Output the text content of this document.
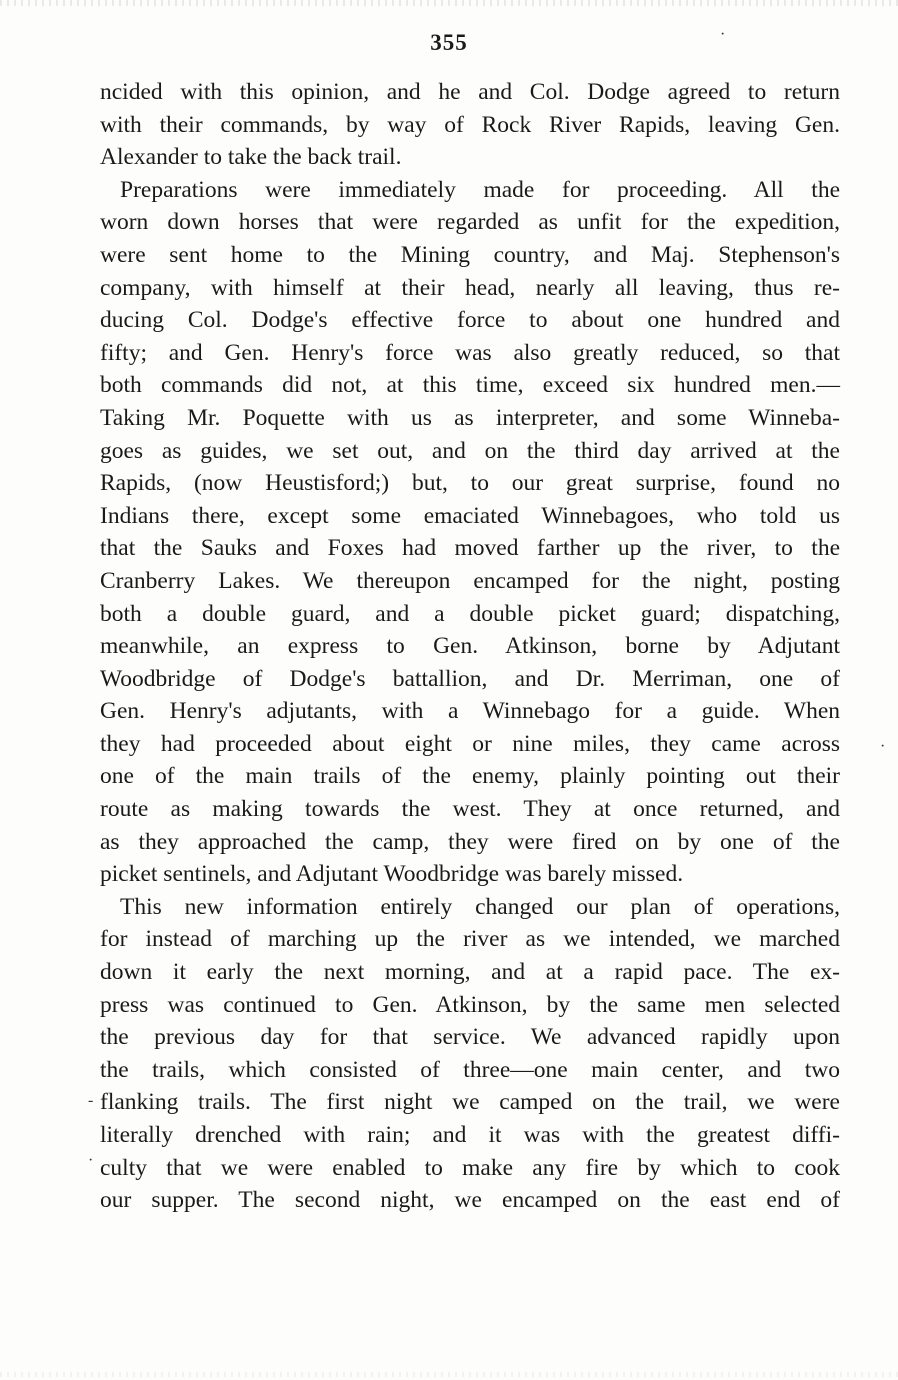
355
ncided with this opinion, and he and Col. Dodge agreed to return
with their commands, by way of Rock River Rapids, leaving Gen.
Alexander to take the back trail.
Preparations were immediately made for proceeding. All the
worn down horses that were regarded as unfit for the expedition,
were sent home to the Mining country, and Maj. Stephenson's
company, with himself at their head, nearly all leaving, thus re-
ducing Col. Dodge's effective force to about one hundred and
fifty; and Gen. Henry's force was also greatly reduced, so that
both commands did not, at this time, exceed six hundred men.—
Taking Mr. Poquette with us as interpreter, and some Winneba-
goes as guides, we set out, and on the third day arrived at the
Rapids, (now Heustisford;) but, to our great surprise, found no
Indians there, except some emaciated Winnebagoes, who told us
that the Sauks and Foxes had moved farther up the river, to the
Cranberry Lakes. We thereupon encamped for the night, posting
both a double guard, and a double picket guard; dispatching,
meanwhile, an express to Gen. Atkinson, borne by Adjutant
Woodbridge of Dodge's battallion, and Dr. Merriman, one of
Gen. Henry's adjutants, with a Winnebago for a guide. When
they had proceeded about eight or nine miles, they came across
one of the main trails of the enemy, plainly pointing out their
route as making towards the west. They at once returned, and
as they approached the camp, they were fired on by one of the
picket sentinels, and Adjutant Woodbridge was barely missed.
This new information entirely changed our plan of operations,
for instead of marching up the river as we intended, we marched
down it early the next morning, and at a rapid pace. The ex-
press was continued to Gen. Atkinson, by the same men selected
the previous day for that service. We advanced rapidly upon
the trails, which consisted of three—one main center, and two
flanking trails. The first night we camped on the trail, we were
literally drenched with rain; and it was with the greatest diffi-
culty that we were enabled to make any fire by which to cook
our supper. The second night, we encamped on the east end of
-
·
·
·
